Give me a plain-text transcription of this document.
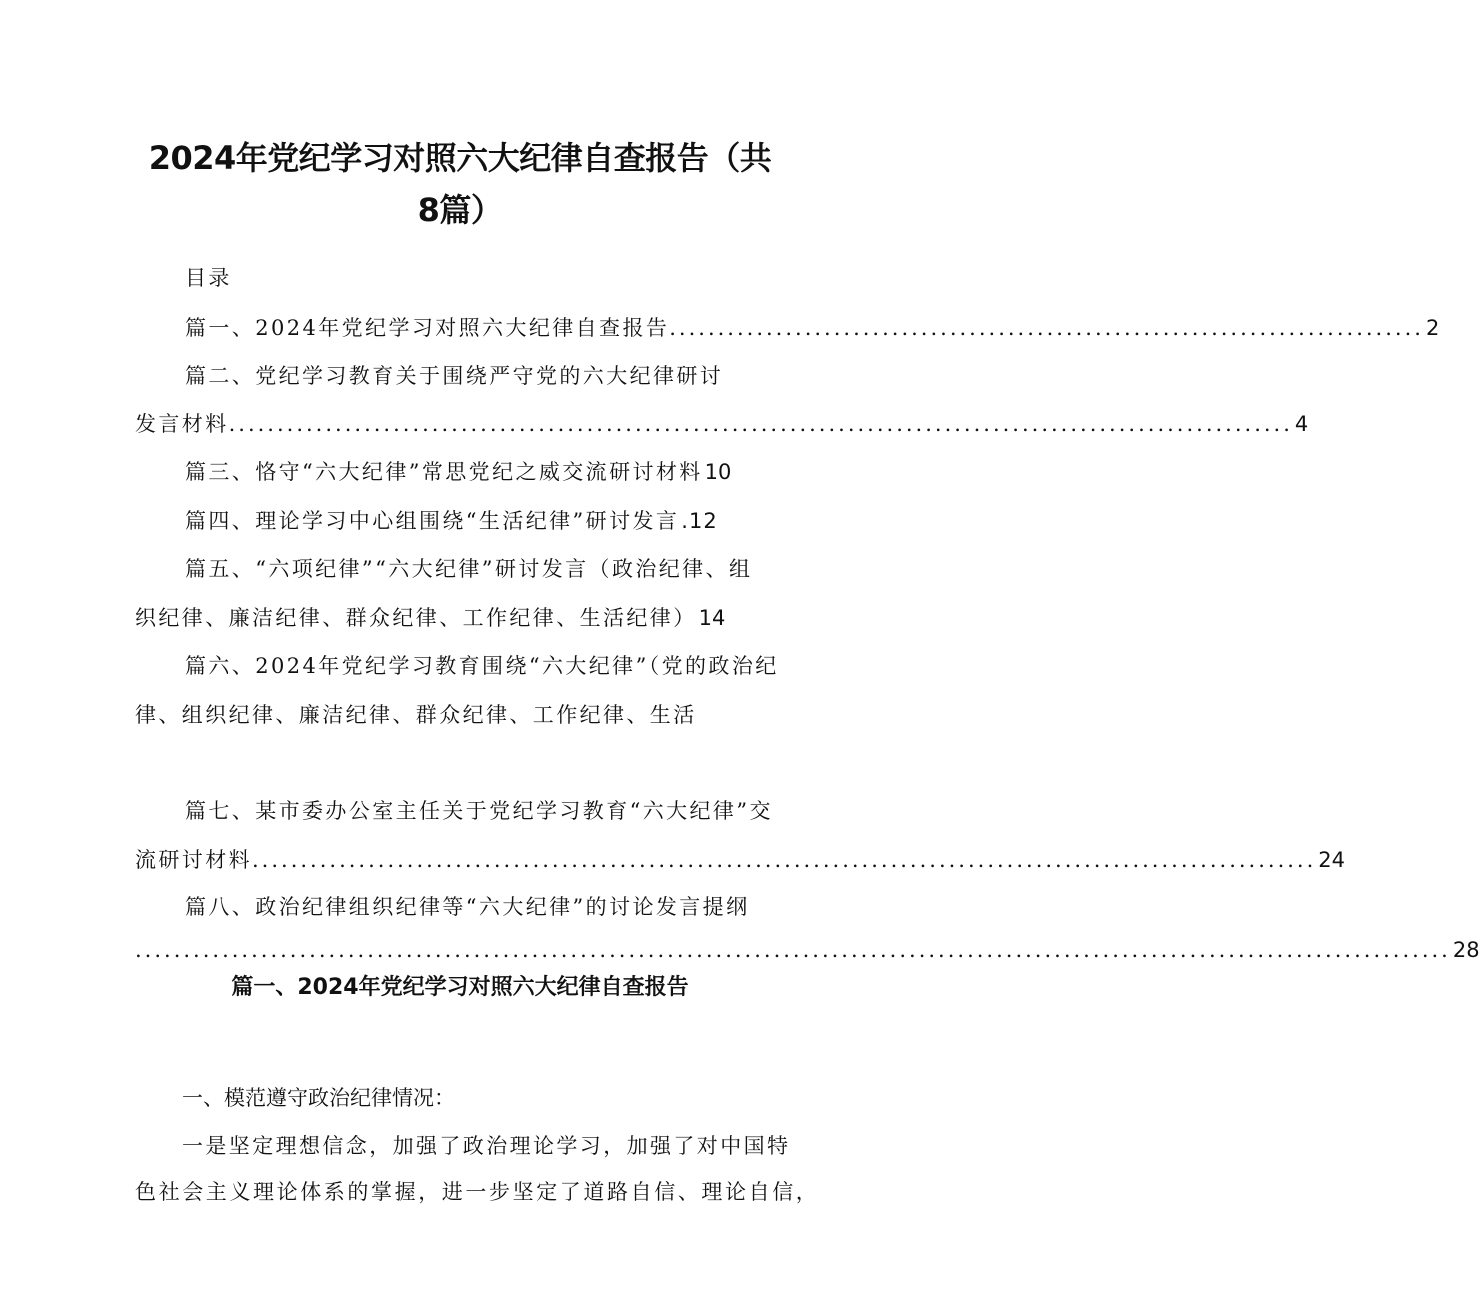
2024年党纪学习对照六大纪律自查报告（共
8篇）
目录
篇一、2024年党纪学习对照六大纪律自查报告 .............................................................................. 2
篇二、党纪学习教育关于围绕严守党的六大纪律研讨
发言材料 .............................................................................................................. 4
篇三、恪守“六大纪律”常思党纪之威交流研讨材料 10
篇四、理论学习中心组围绕“生活纪律”研讨发言 .12
篇五、“六项纪律”“六大纪律”研讨发言（政治纪律、组
织纪律、廉洁纪律、群众纪律、工作纪律、生活纪律） 14
篇六、2024年党纪学习教育围绕“六大纪律”（党的政治纪
律、组织纪律、廉洁纪律、群众纪律、工作纪律、生活
篇七、某市委办公室主任关于党纪学习教育“六大纪律”交
流研讨材料 .............................................................................................................. 24
篇八、政治纪律组织纪律等“六大纪律”的讨论发言提纲
........................................................................................................................................ 28
篇一、2024年党纪学习对照六大纪律自查报告
一、模范遵守政治纪律情况：
一是坚定理想信念，加强了政治理论学习，加强了对中国特
色社会主义理论体系的掌握，进一步坚定了道路自信、理论自信，
